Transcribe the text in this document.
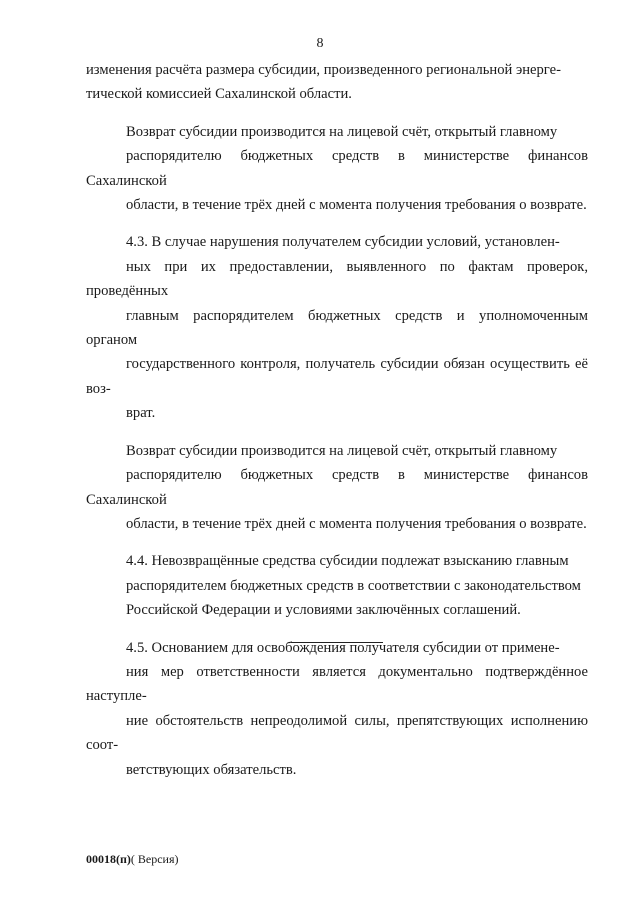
8

изменения расчёта размера субсидии, произведенного региональной энерге-
тической комиссией Сахалинской области.

Возврат субсидии производится на лицевой счёт, открытый главному
распорядителю бюджетных средств в министерстве финансов Сахалинской
области, в течение трёх дней с момента получения требования о возврате.

4.3. В случае нарушения получателем субсидии условий, установлен-
ных при их предоставлении, выявленного по фактам проверок, проведённых
главным распорядителем бюджетных средств и уполномоченным органом
государственного контроля, получатель субсидии обязан осуществить её воз-
врат.

Возврат субсидии производится на лицевой счёт, открытый главному
распорядителю бюджетных средств в министерстве финансов Сахалинской
области, в течение трёх дней с момента получения требования о возврате.

4.4. Невозвращённые средства субсидии подлежат взысканию главным
распорядителем бюджетных средств в соответствии с законодательством
Российской Федерации и условиями заключённых соглашений.

4.5. Основанием для освобождения получателя субсидии от примене-
ния мер ответственности является документально подтверждённое наступле-
ние обстоятельств непреодолимой силы, препятствующих исполнению соот-
ветствующих обязательств.

00018(п)( Версия)
